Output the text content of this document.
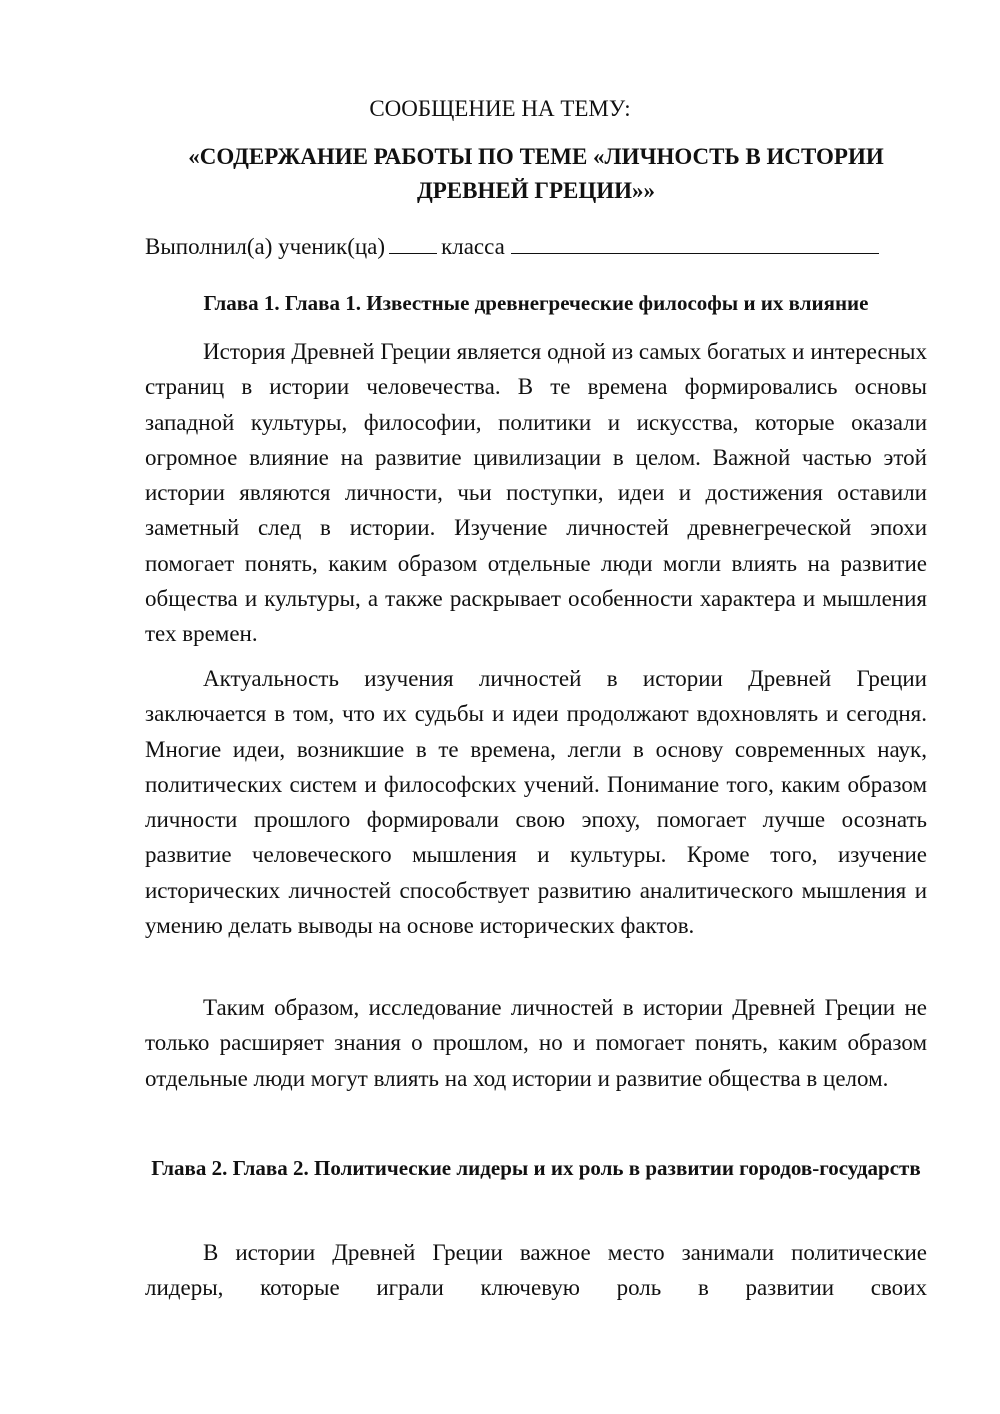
СООБЩЕНИЕ НА ТЕМУ:

«СОДЕРЖАНИЕ РАБОТЫ ПО ТЕМЕ «ЛИЧНОСТЬ В ИСТОРИИ ДРЕВНЕЙ ГРЕЦИИ»»
Выполнил(а) ученик(ца) класса
Глава 1. Глава 1. Известные древнегреческие философы и их влияние

История Древней Греции является одной из самых богатых и интересных страниц в истории человечества. В те времена формировались основы западной культуры, философии, политики и искусства, которые оказали огромное влияние на развитие цивилизации в целом. Важной частью этой истории являются личности, чьи поступки, идеи и достижения оставили заметный след в истории. Изучение личностей древнегреческой эпохи помогает понять, каким образом отдельные люди могли влиять на развитие общества и культуры, а также раскрывает особенности характера и мышления тех времен.

Актуальность изучения личностей в истории Древней Греции заключается в том, что их судьбы и идеи продолжают вдохновлять и сегодня. Многие идеи, возникшие в те времена, легли в основу современных наук, политических систем и философских учений. Понимание того, каким образом личности прошлого формировали свою эпоху, помогает лучше осознать развитие человеческого мышления и культуры. Кроме того, изучение исторических личностей способствует развитию аналитического мышления и умению делать выводы на основе исторических фактов.

Таким образом, исследование личностей в истории Древней Греции не только расширяет знания о прошлом, но и помогает понять, каким образом отдельные люди могут влиять на ход истории и развитие общества в целом.

Глава 2. Глава 2. Политические лидеры и их роль в развитии городов-государств

В истории Древней Греции важное место занимали политические лидеры, которые играли ключевую роль в развитии своих
